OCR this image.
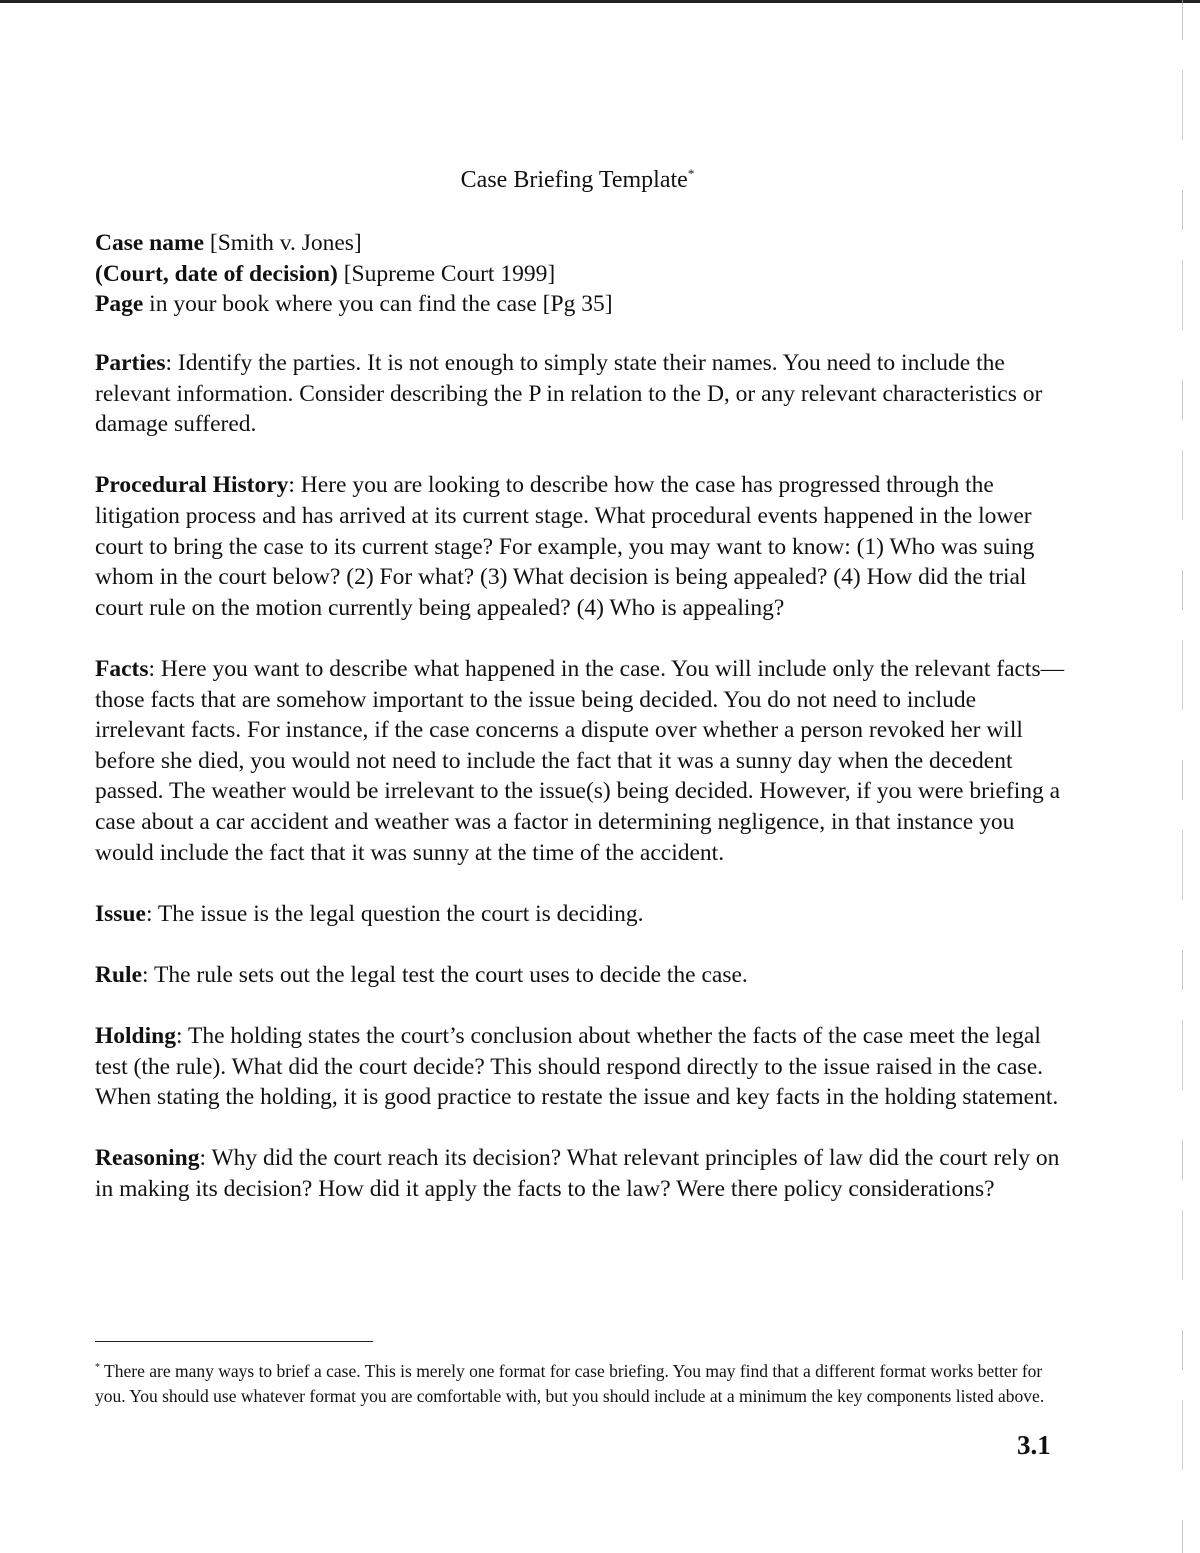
Case Briefing Template*
Case name [Smith v. Jones]
(Court, date of decision) [Supreme Court 1999]
Page in your book where you can find the case [Pg 35]

Parties: Identify the parties. It is not enough to simply state their names. You need to include the relevant information. Consider describing the P in relation to the D, or any relevant characteristics or damage suffered.

Procedural History: Here you are looking to describe how the case has progressed through the litigation process and has arrived at its current stage. What procedural events happened in the lower court to bring the case to its current stage? For example, you may want to know: (1) Who was suing whom in the court below? (2) For what? (3) What decision is being appealed? (4) How did the trial court rule on the motion currently being appealed? (4) Who is appealing?

Facts: Here you want to describe what happened in the case. You will include only the relevant facts—those facts that are somehow important to the issue being decided. You do not need to include irrelevant facts. For instance, if the case concerns a dispute over whether a person revoked her will before she died, you would not need to include the fact that it was a sunny day when the decedent passed. The weather would be irrelevant to the issue(s) being decided. However, if you were briefing a case about a car accident and weather was a factor in determining negligence, in that instance you would include the fact that it was sunny at the time of the accident.

Issue: The issue is the legal question the court is deciding.

Rule: The rule sets out the legal test the court uses to decide the case.

Holding: The holding states the court’s conclusion about whether the facts of the case meet the legal test (the rule). What did the court decide? This should respond directly to the issue raised in the case. When stating the holding, it is good practice to restate the issue and key facts in the holding statement.

Reasoning: Why did the court reach its decision? What relevant principles of law did the court rely on in making its decision? How did it apply the facts to the law? Were there policy considerations?

* There are many ways to brief a case. This is merely one format for case briefing. You may find that a different format works better for you. You should use whatever format you are comfortable with, but you should include at a minimum the key components listed above.
3.1
